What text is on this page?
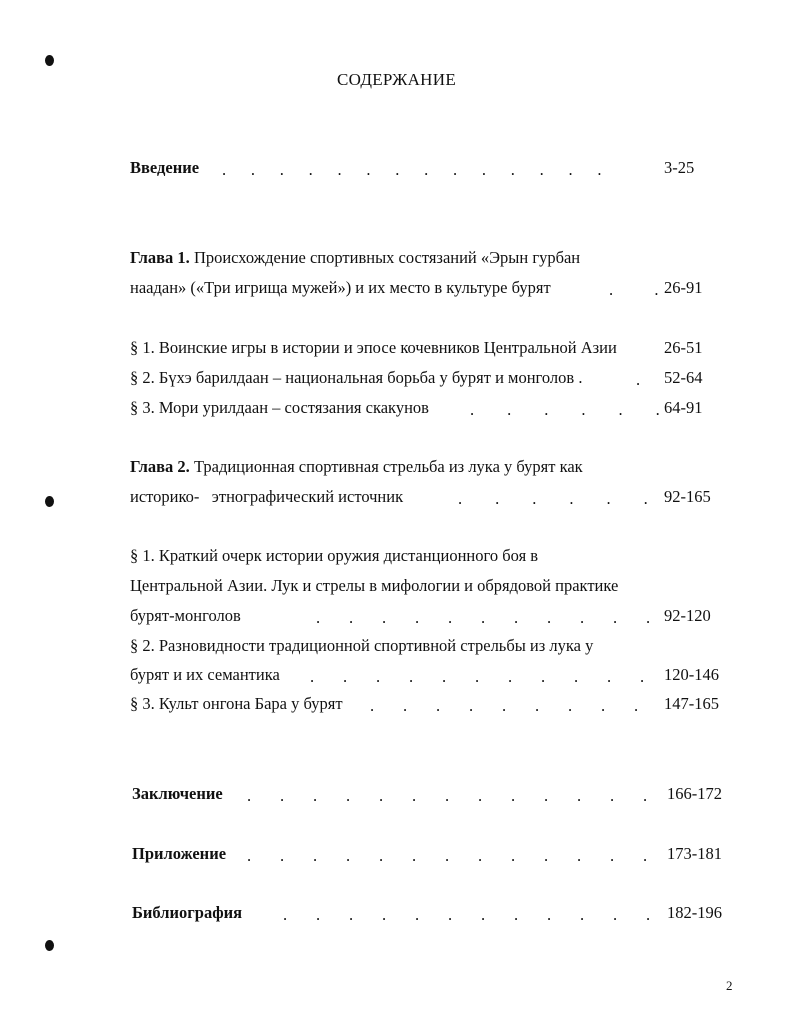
СОДЕРЖАНИЕ
Введение .      .      .      .      .      .      .      .      .      .      .      .      .      .	3-25
Глава 1. Происхождение спортивных состязаний «Эрын гурбан
наадан» («Три игрища мужей») и их место в культуре бурят	.          . 26-91
§ 1. Воинские игры в истории и эпосе кочевников Центральной Азии	26-51
§ 2. Бүхэ барилдаан – национальная борьба у бурят и монголов .	. 52-64
§ 3. Мори урилдаан – состязания скакунов .        .        .        .        .        . 64-91
Глава 2. Традиционная спортивная стрельба из лука у бурят как
историко-   этнографический источник	.        .        .        .        .        . 92-165
§ 1. Краткий очерк истории оружия дистанционного боя в
Центральной Азии. Лук и стрелы в мифологии и обрядовой практике
бурят-монголов	.       .       .       .       .       .       .       .       .       .       . 92-120
§ 2. Разновидности традиционной спортивной стрельбы из лука у
бурят и их семантика .       .       .       .       .       .       .       .       .       .       . 120-146
§ 3. Культ онгона Бара у бурят .       .       .       .       .       .       .       .       . 147-165
Заключение .       .       .       .       .       .       .       .       .       .       .       .       . 166-172
Приложение .       .       .       .       .       .       .       .       .       .       .       .       . 173-181
Библиография .       .       .       .       .       .       .       .       .       .       .       . 182-196
2
